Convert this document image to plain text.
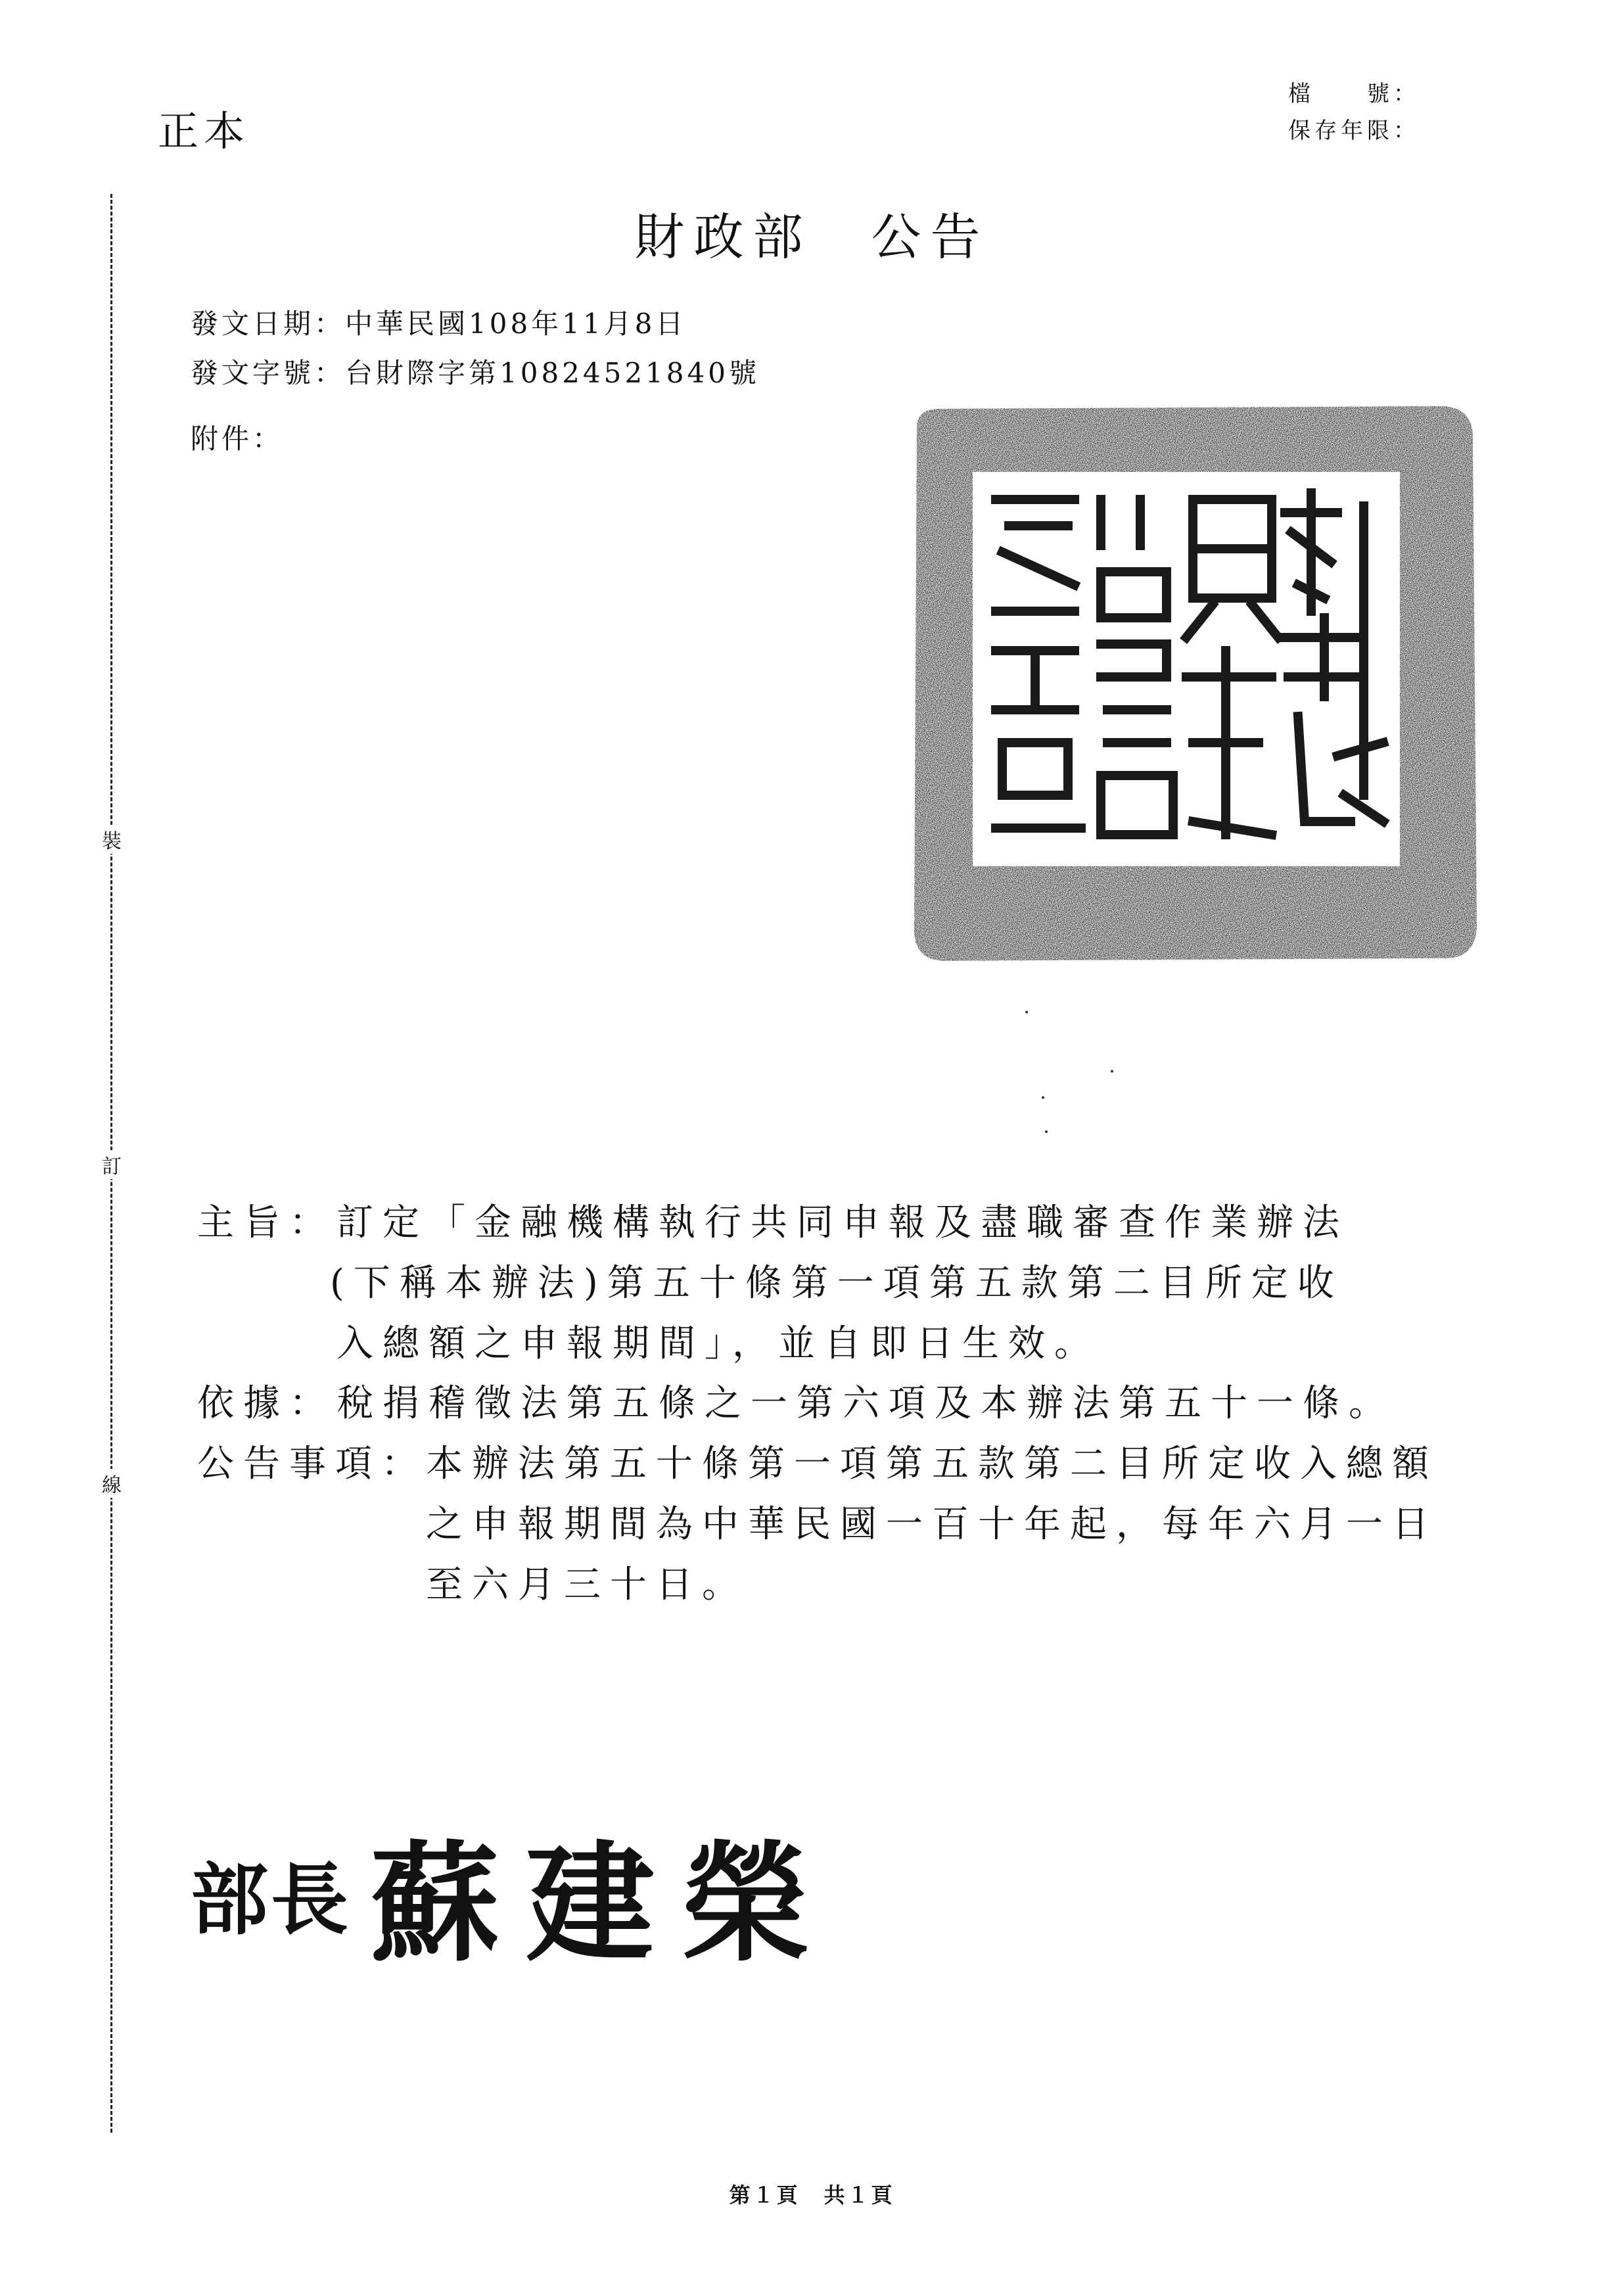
正本
檔　　號：
保存年限：
財政部 公告
發文日期：中華民國108年11月8日
發文字號：台財際字第10824521840號
附件：
裝
訂
線
主旨： 訂定「金融機構執行共同申報及盡職審查作業辦法
(下稱本辦法)第五十條第一項第五款第二目所定收
入總額之申報期間」，並自即日生效。
依據： 稅捐稽徵法第五條之一第六項及本辦法第五十一條。
公告事項：
本辦法第五十條第一項第五款第二目所定收入總額
之申報期間為中華民國一百十年起，每年六月一日
至六月三十日。
部長 蘇建榮
第１頁　共１頁
